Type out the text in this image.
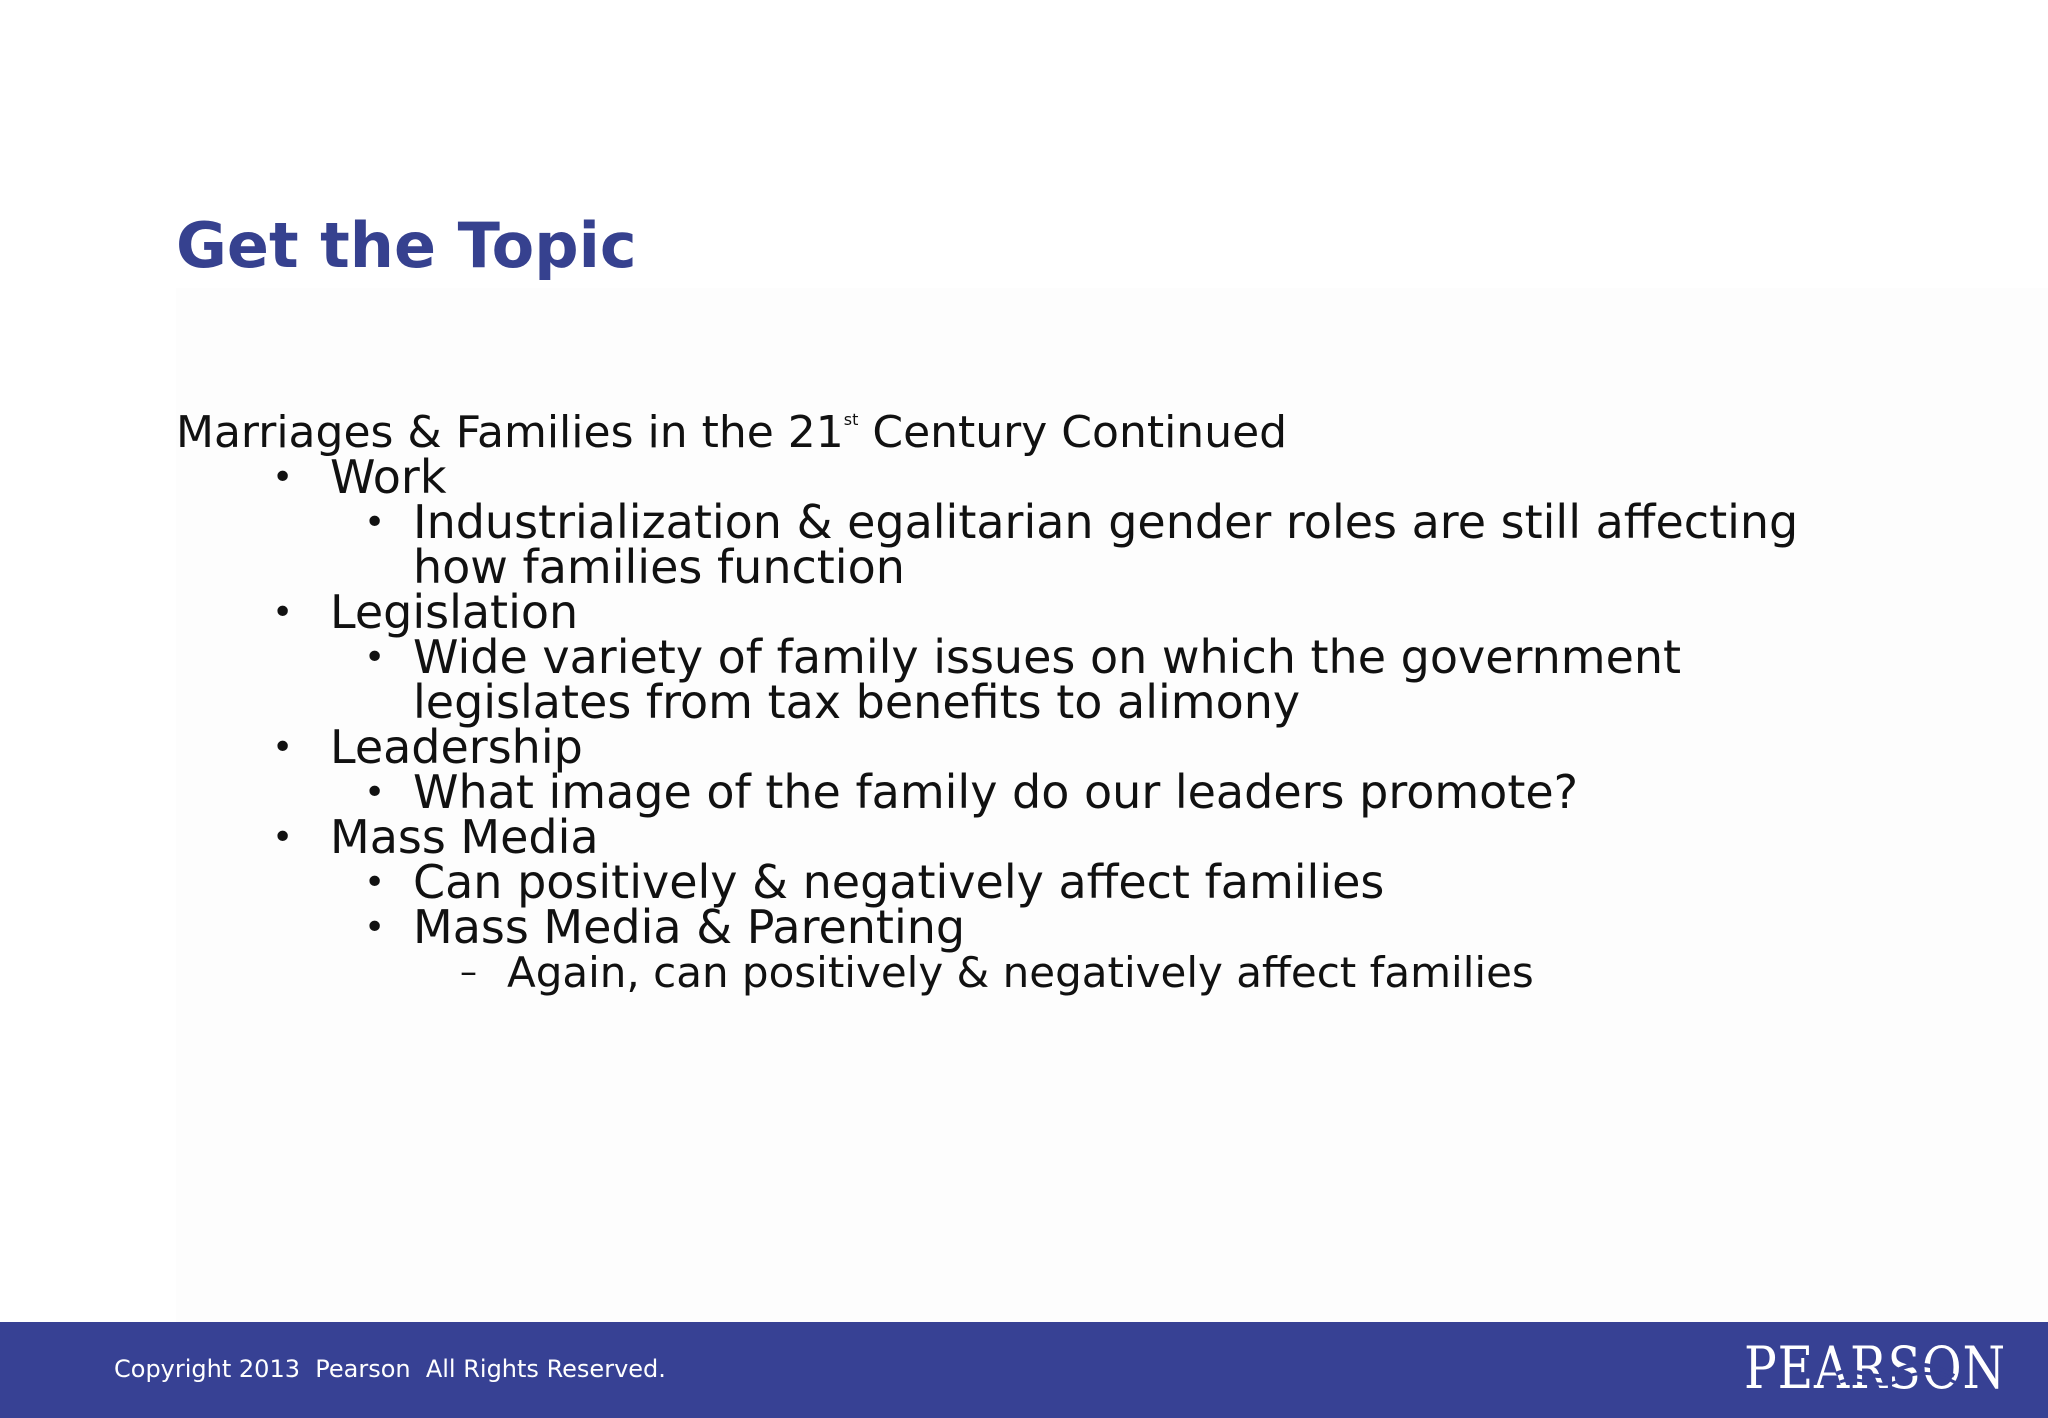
Get the Topic
Marriages & Families in the 21st Century Continued
• Work
• Industrialization & egalitarian gender roles are still affecting
how families function
• Legislation
• Wide variety of family issues on which the government
legislates from tax benefits to alimony
• Leadership
• What image of the family do our leaders promote?
• Mass Media
• Can positively & negatively affect families
• Mass Media & Parenting
– Again, can positively & negatively affect families
Copyright 2013  Pearson  All Rights Reserved.	PEARSON
